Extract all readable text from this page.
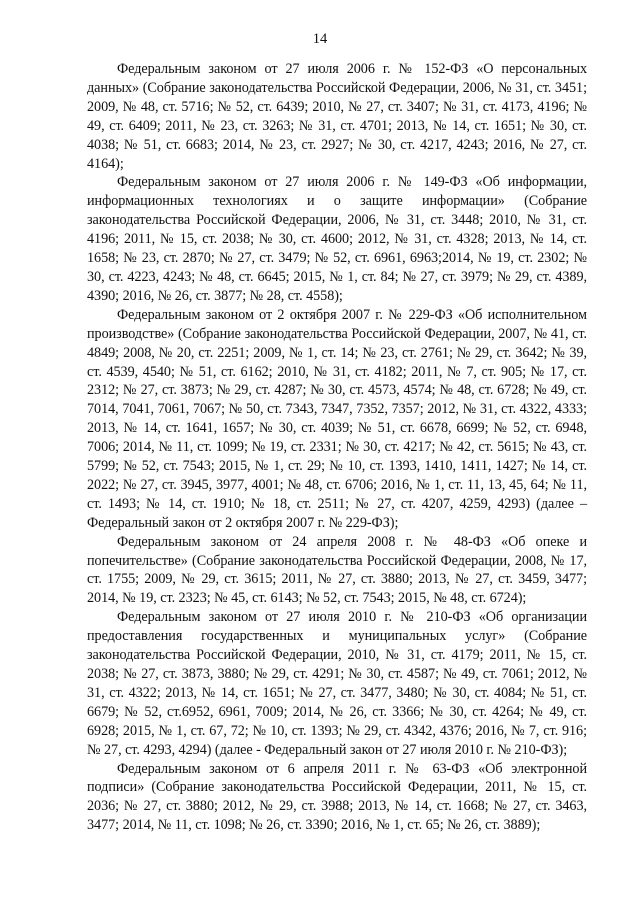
14

Федеральным законом от 27 июля 2006 г. № 152-ФЗ «О персональных данных» (Собрание законодательства Российской Федерации, 2006, № 31, ст. 3451; 2009, № 48, ст. 5716; № 52, ст. 6439; 2010, № 27, ст. 3407; № 31, ст. 4173, 4196; № 49, ст. 6409; 2011, № 23, ст. 3263; № 31, ст. 4701; 2013, № 14, ст. 1651; № 30, ст. 4038; № 51, ст. 6683; 2014, № 23, ст. 2927; № 30, ст. 4217, 4243; 2016, № 27, ст. 4164);

Федеральным законом от 27 июля 2006 г. № 149-ФЗ «Об информации, информационных технологиях и о защите информации» (Собрание законодательства Российской Федерации, 2006, № 31, ст. 3448; 2010, № 31, ст. 4196; 2011, № 15, ст. 2038; № 30, ст. 4600; 2012, № 31, ст. 4328; 2013, № 14, ст. 1658; № 23, ст. 2870; № 27, ст. 3479; № 52, ст. 6961, 6963;2014, № 19, ст. 2302; № 30, ст. 4223, 4243; № 48, ст. 6645; 2015, № 1, ст. 84; № 27, ст. 3979; № 29, ст. 4389, 4390; 2016, № 26, ст. 3877; № 28, ст. 4558);

Федеральным законом от 2 октября 2007 г. № 229-ФЗ «Об исполнительном производстве» (Собрание законодательства Российской Федерации, 2007, № 41, ст. 4849; 2008, № 20, ст. 2251; 2009, № 1, ст. 14; № 23, ст. 2761; № 29, ст. 3642; № 39, ст. 4539, 4540; № 51, ст. 6162; 2010, № 31, ст. 4182; 2011, № 7, ст. 905; № 17, ст. 2312; № 27, ст. 3873; № 29, ст. 4287; № 30, ст. 4573, 4574; № 48, ст. 6728; № 49, ст. 7014, 7041, 7061, 7067; № 50, ст. 7343, 7347, 7352, 7357; 2012, № 31, ст. 4322, 4333; 2013, № 14, ст. 1641, 1657; № 30, ст. 4039; № 51, ст. 6678, 6699; № 52, ст. 6948, 7006; 2014, № 11, ст. 1099; № 19, ст. 2331; № 30, ст. 4217; № 42, ст. 5615; № 43, ст. 5799; № 52, ст. 7543; 2015, № 1, ст. 29; № 10, ст. 1393, 1410, 1411, 1427; № 14, ст. 2022; № 27, ст. 3945, 3977, 4001; № 48, ст. 6706; 2016, № 1, ст. 11, 13, 45, 64; № 11, ст. 1493; № 14, ст. 1910; № 18, ст. 2511; № 27, ст. 4207, 4259, 4293) (далее – Федеральный закон от 2 октября 2007 г. № 229-ФЗ);

Федеральным законом от 24 апреля 2008 г. № 48-ФЗ «Об опеке и попечительстве» (Собрание законодательства Российской Федерации, 2008, № 17, ст. 1755; 2009, № 29, ст. 3615; 2011, № 27, ст. 3880; 2013, № 27, ст. 3459, 3477; 2014, № 19, ст. 2323; № 45, ст. 6143; № 52, ст. 7543; 2015, № 48, ст. 6724);

Федеральным законом от 27 июля 2010 г. № 210-ФЗ «Об организации предоставления государственных и муниципальных услуг» (Собрание законодательства Российской Федерации, 2010, № 31, ст. 4179; 2011, № 15, ст. 2038; № 27, ст. 3873, 3880; № 29, ст. 4291; № 30, ст. 4587; № 49, ст. 7061; 2012, № 31, ст. 4322; 2013, № 14, ст. 1651; № 27, ст. 3477, 3480; № 30, ст. 4084; № 51, ст. 6679; № 52, ст.6952, 6961, 7009; 2014, № 26, ст. 3366; № 30, ст. 4264; № 49, ст. 6928; 2015, № 1, ст. 67, 72; № 10, ст. 1393; № 29, ст. 4342, 4376; 2016, № 7, ст. 916; № 27, ст. 4293, 4294) (далее - Федеральный закон от 27 июля 2010 г. № 210-ФЗ);

Федеральным законом от 6 апреля 2011 г. № 63-ФЗ «Об электронной подписи» (Собрание законодательства Российской Федерации, 2011, № 15, ст. 2036; № 27, ст. 3880; 2012, № 29, ст. 3988; 2013, № 14, ст. 1668; № 27, ст. 3463, 3477; 2014, № 11, ст. 1098; № 26, ст. 3390; 2016, № 1, ст. 65; № 26, ст. 3889);
